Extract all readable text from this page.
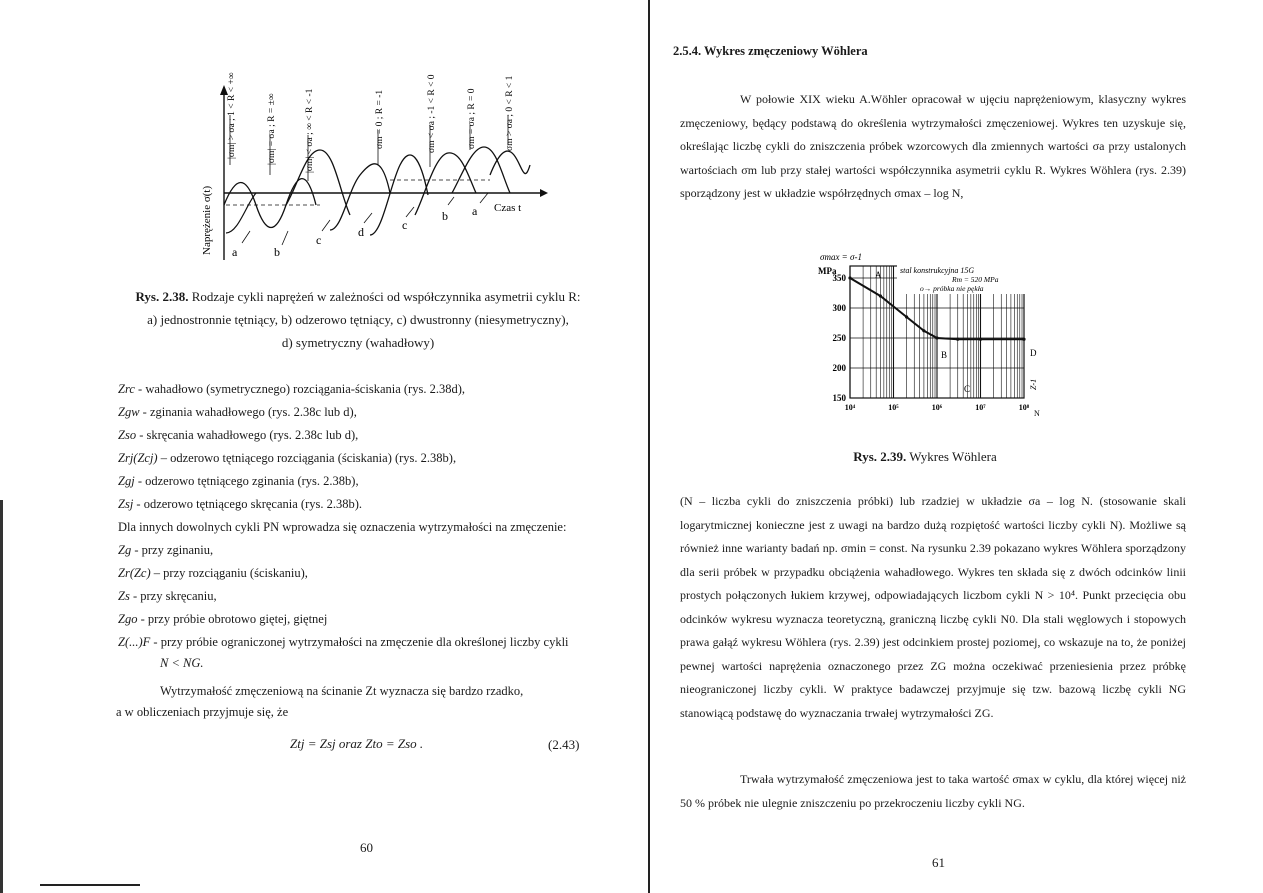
Naprężenie σ(t)	Czas t
a	b
c
d	c
b a
|σm| > σa ; 1 < R < +∞	|σm| = σa ; R = ±∞	|σm| < σa ; ∞ < R < -1	σm = 0 ; R = -1	σm < σa ; -1 < R < 0	σm = σa ; R = 0	σm > σa ; 0 < R < 1
Rys. 2.38. Rodzaje cykli naprężeń w zależności od współczynnika asymetrii cyklu R:
a) jednostronnie tętniący, b) odzerowo tętniący, c) dwustronny (niesymetryczny),
d) symetryczny (wahadłowy)
Zrc - wahadłowo (symetrycznego) rozciągania-ściskania (rys. 2.38d),
Zgw - zginania wahadłowego (rys. 2.38c lub d),
Zso - skręcania wahadłowego (rys. 2.38c lub d),
Zrj(Zcj) – odzerowo tętniącego rozciągania (ściskania) (rys. 2.38b),
Zgj - odzerowo tętniącego zginania (rys. 2.38b),
Zsj - odzerowo tętniącego skręcania (rys. 2.38b).
Dla innych dowolnych cykli PN wprowadza się oznaczenia wytrzymałości na zmęczenie:
Zg - przy zginaniu,
Zr(Zc) – przy rozciąganiu (ściskaniu),
Zs - przy skręcaniu,
Zgo - przy próbie obrotowo giętej, giętnej
Z(...)F - przy próbie ograniczonej wytrzymałości na zmęczenie dla określonej liczby cykli
N < NG.
Wytrzymałość zmęczeniową na ścinanie Zt wyznacza się bardzo rzadko,
a w obliczeniach przyjmuje się, że
Ztj = Zsj oraz Zto = Zso .	(2.43)
60
2.5.4. Wykres zmęczeniowy Wöhlera
W połowie XIX wieku A.Wöhler opracował w ujęciu naprężeniowym, klasyczny wykres zmęczeniowy, będący podstawą do określenia wytrzymałości zmęczeniowej. Wykres ten uzyskuje się, określając liczbę cykli do zniszczenia próbek wzorcowych dla zmiennych wartości σa przy ustalonych wartościach σm lub przy stałej wartości współczynnika asymetrii cyklu R. Wykres Wöhlera (rys. 2.39) sporządzony jest w układzie współrzędnych σmax – log N,
σmax = σ-1
MPa
350
300
250
200
150
10⁴	10⁵	10⁶	10⁷	10⁸
stal konstrukcyjna 15G
Rm = 520 MPa
o→ próbka nie pękła
A
B
C
D
Z-1
N
Rys. 2.39. Wykres Wöhlera
(N – liczba cykli do zniszczenia próbki) lub rzadziej w układzie σa – log N. (stosowanie skali logarytmicznej konieczne jest z uwagi na bardzo dużą rozpiętość wartości liczby cykli N). Możliwe są również inne warianty badań np. σmin = const. Na rysunku 2.39 pokazano wykres Wöhlera sporządzony dla serii próbek w przypadku obciążenia wahadłowego. Wykres ten składa się z dwóch odcinków linii prostych połączonych łukiem krzywej, odpowiadających liczbom cykli N > 10⁴. Punkt przecięcia obu odcinków wykresu wyznacza teoretyczną, graniczną liczbę cykli N0. Dla stali węglowych i stopowych prawa gałąź wykresu Wöhlera (rys. 2.39) jest odcinkiem prostej poziomej, co wskazuje na to, że poniżej pewnej wartości naprężenia oznaczonego przez ZG można oczekiwać przeniesienia przez próbkę nieograniczonej liczby cykli. W praktyce badawczej przyjmuje się tzw. bazową liczbę cykli NG stanowiącą podstawę do wyznaczania trwałej wytrzymałości ZG.
Trwała wytrzymałość zmęczeniowa jest to taka wartość σmax w cyklu, dla której więcej niż 50 % próbek nie ulegnie zniszczeniu po przekroczeniu liczby cykli NG.
61
